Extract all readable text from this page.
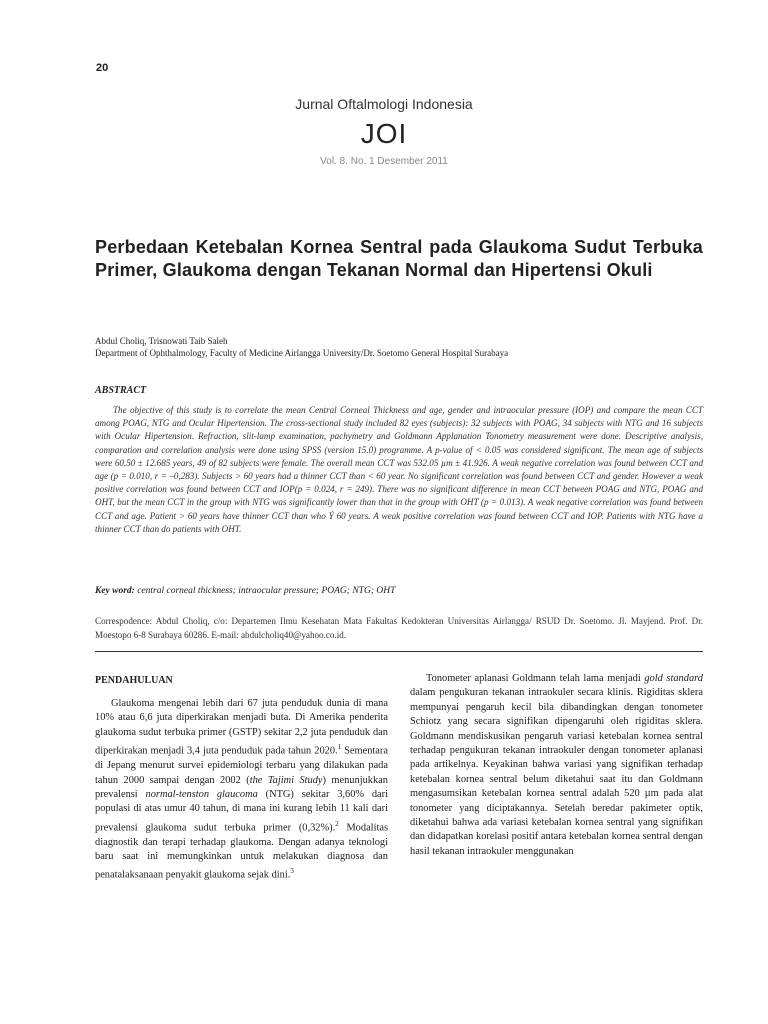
20
Jurnal Oftalmologi Indonesia
JOI
Vol. 8. No. 1 Desember 2011
Perbedaan Ketebalan Kornea Sentral pada Glaukoma Sudut Terbuka Primer, Glaukoma dengan Tekanan Normal dan Hipertensi Okuli
Abdul Choliq, Trisnowati Taib Saleh
Department of Ophthalmology, Faculty of Medicine Airlangga University/Dr. Soetomo General Hospital Surabaya
ABSTRACT
The objective of this study is to correlate the mean Central Corneal Thickness and age, gender and intraocular pressure (IOP) and compare the mean CCT among POAG, NTG and Ocular Hipertension. The cross-sectional study included 82 eyes (subjects): 32 subjects with POAG, 34 subjects with NTG and 16 subjects with Ocular Hipertension. Refraction, slit-lamp examination, pachymetry and Goldmann Applanation Tonometry measurement were done. Descriptive analysis, comparation and correlation analysis were done using SPSS (version 15.0) programme. A p-value of < 0.05 was considered significant. The mean age of subjects were 60.50 ± 12.685 years, 49 of 82 subjects were female. The overall mean CCT was 532.05 µm ± 41.926. A weak negative correlation was found between CCT and age (p = 0.010, r = –0,283). Subjects > 60 years had a thinner CCT than < 60 year. No significant correlation was found between CCT and gender. However a weak positive correlation was found between CCT and IOP(p = 0.024, r = 249). There was no significant difference in mean CCT between POAG and NTG, POAG and OHT, but the mean CCT in the group with NTG was significantly lower than that in the group with OHT (p = 0.013). A weak negative correlation was found between CCT and age. Patient > 60 years have thinner CCT than who Ý 60 years. A weak positive correlation was found between CCT and IOP. Patients with NTG have a thinner CCT than do patients with OHT.
Key word: central corneal thickness; intraocular pressure; POAG; NTG; OHT
Correspodence: Abdul Choliq, c/o: Departemen Ilmu Kesehatan Mata Fakultas Kedokteran Universitas Airlangga/ RSUD Dr. Soetomo. Jl. Mayjend. Prof. Dr. Moestopo 6-8 Surabaya 60286. E-mail: abdulcholiq40@yahoo.co.id.
PENDAHULUAN
Glaukoma mengenai lebih dari 67 juta penduduk dunia di mana 10% atau 6,6 juta diperkirakan menjadi buta. Di Amerika penderita glaukoma sudut terbuka primer (GSTP) sekitar 2,2 juta penduduk dan diperkirakan menjadi 3,4 juta penduduk pada tahun 2020.$^1$ Sementara di Jepang menurut survei epidemiologi terbaru yang dilakukan pada tahun 2000 sampai dengan 2002 (the Tajimi Study) menunjukkan prevalensi normal-tenston glaucoma (NTG) sekitar 3,60% dari populasi di atas umur 40 tahun, di mana ini kurang lebih 11 kali dari prevalensi glaukoma sudut terbuka primer (0,32%).$^2$ Modalitas diagnostik dan terapi terhadap glaukoma. Dengan adanya teknologi baru saat ini memungkinkan untuk melakukan diagnosa dan penatalaksanaan penyakit glaukoma sejak dini.$^3$
Tonometer aplanasi Goldmann telah lama menjadi gold standard dalam pengukuran tekanan intraokuler secara klinis. Rigiditas sklera mempunyai pengaruh kecil bila dibandingkan dengan tonometer Schiotz yang secara signifikan dipengaruhi oleh rigiditas sklera. Goldmann mendiskusikan pengaruh variasi ketebalan kornea sentral terhadap pengukuran tekanan intraokuler dengan tonometer aplanasi pada artikelnya. Keyakinan bahwa variasi yang signifikan terhadap ketebalan kornea sentral belum diketahui saat itu dan Goldmann mengasumsikan ketebalan kornea sentral adalah 520 µm pada alat tonometer yang diciptakannya. Setelah beredar pakimeter optik, diketahui bahwa ada variasi ketebalan kornea sentral yang signifikan dan didapatkan korelasi positif antara ketebalan kornea sentral dengan hasil tekanan intraokuler menggunakan
